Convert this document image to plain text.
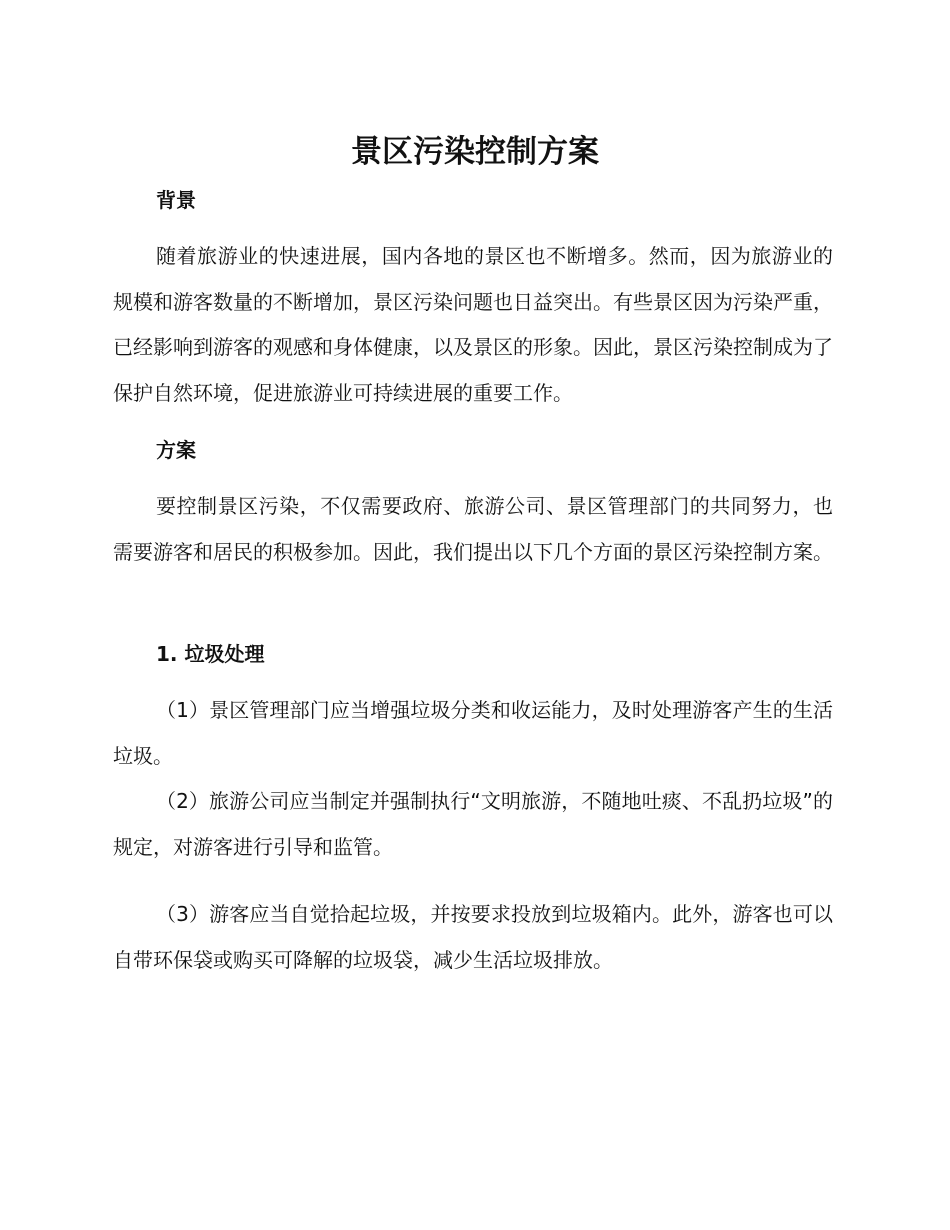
景区污染控制方案
背景
随着旅游业的快速进展，国内各地的景区也不断增多。然而，因为旅游业的规模和游客数量的不断增加，景区污染问题也日益突出。有些景区因为污染严重，已经影响到游客的观感和身体健康，以及景区的形象。因此，景区污染控制成为了保护自然环境，促进旅游业可持续进展的重要工作。
方案
要控制景区污染，不仅需要政府、旅游公司、景区管理部门的共同努力，也需要游客和居民的积极参加。因此，我们提出以下几个方面的景区污染控制方案。
1. 垃圾处理
（1）景区管理部门应当增强垃圾分类和收运能力，及时处理游客产生的生活垃圾。
（2）旅游公司应当制定并强制执行“文明旅游，不随地吐痰、不乱扔垃圾”的规定，对游客进行引导和监管。
（3）游客应当自觉拾起垃圾，并按要求投放到垃圾箱内。此外，游客也可以自带环保袋或购买可降解的垃圾袋，减少生活垃圾排放。
